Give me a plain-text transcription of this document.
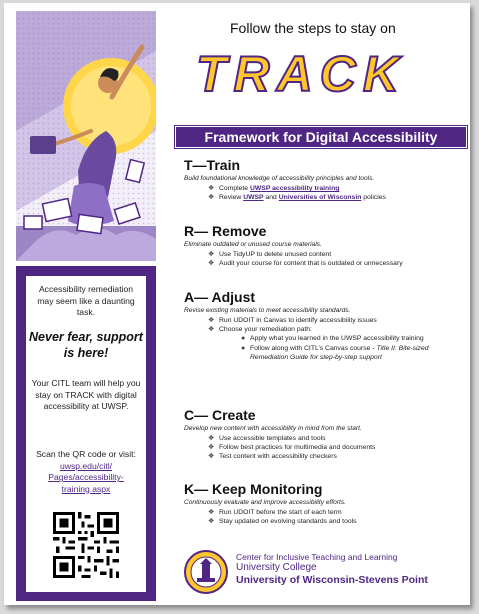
Accessibility remediation may seem like a daunting task.

Never fear, support is here!

Your CITL team will help you stay on TRACK with digital accessibility at UWSP.

Scan the QR code or visit:

uwsp.edu/citl/ Pages/accessibility- training.aspx

Follow the steps to stay on
TRACK
Framework for Digital Accessibility
T—Train

Build foundational knowledge of accessibility principles and tools.

❖ Complete UWSP accessibility training
❖ Review UWSP and Universities of Wisconsin policies
R— Remove

Eliminate outdated or unused course materials.

❖ Use TidyUP to delete unused content
❖ Audit your course for content that is outdated or unnecessary
A— Adjust

Revise existing materials to meet accessibility standards.

❖ Run UDOIT in Canvas to identify accessibility issues
❖ Choose your remediation path:
● Apply what you learned in the UWSP accessibility training
● Follow along with CITL’s Canvas course - Title II: Bite-sized Remediation Guide for step-by-step support
C— Create

Develop new content with accessibility in mind from the start.

❖ Use accessible templates and tools
❖ Follow best practices for multimedia and documents
❖ Test content with accessibility checkers
K— Keep Monitoring

Continuously evaluate and improve accessibility efforts.

❖ Run UDOIT before the start of each term
❖ Stay updated on evolving standards and tools
Center for Inclusive Teaching and Learning
University College
University of Wisconsin-Stevens Point
